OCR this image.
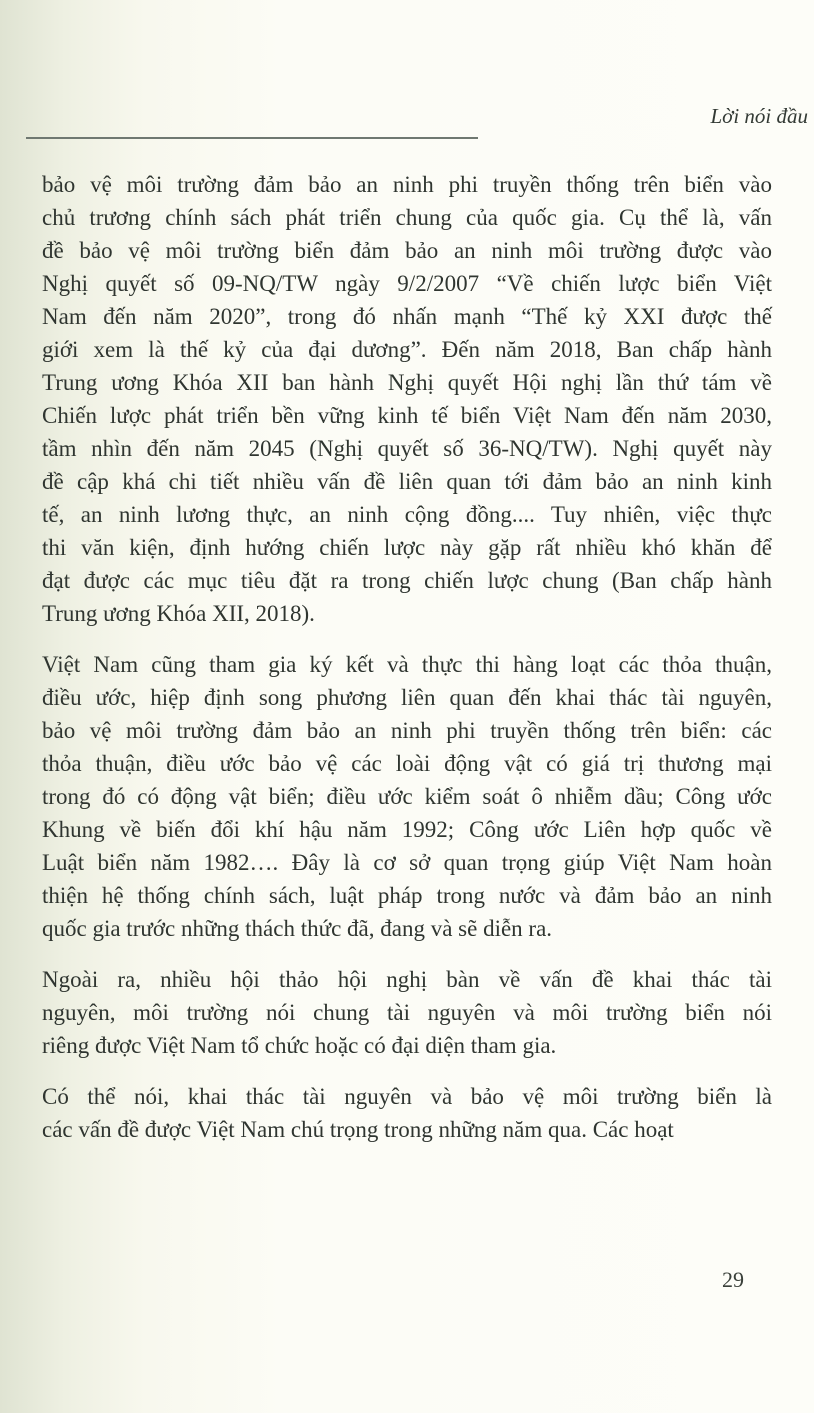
Lời nói đầu
bảo vệ môi trường đảm bảo an ninh phi truyền thống trên biển vào
chủ trương chính sách phát triển chung của quốc gia. Cụ thể là, vấn
đề bảo vệ môi trường biển đảm bảo an ninh môi trường được vào
Nghị quyết số 09-NQ/TW ngày 9/2/2007 “Về chiến lược biển Việt
Nam đến năm 2020”, trong đó nhấn mạnh “Thế kỷ XXI được thế
giới xem là thế kỷ của đại dương”. Đến năm 2018, Ban chấp hành
Trung ương Khóa XII ban hành Nghị quyết Hội nghị lần thứ tám về
Chiến lược phát triển bền vững kinh tế biển Việt Nam đến năm 2030,
tầm nhìn đến năm 2045 (Nghị quyết số 36-NQ/TW). Nghị quyết này
đề cập khá chi tiết nhiều vấn đề liên quan tới đảm bảo an ninh kinh
tế, an ninh lương thực, an ninh cộng đồng.... Tuy nhiên, việc thực
thi văn kiện, định hướng chiến lược này gặp rất nhiều khó khăn để
đạt được các mục tiêu đặt ra trong chiến lược chung (Ban chấp hành
Trung ương Khóa XII, 2018).
Việt Nam cũng tham gia ký kết và thực thi hàng loạt các thỏa thuận,
điều ước, hiệp định song phương liên quan đến khai thác tài nguyên,
bảo vệ môi trường đảm bảo an ninh phi truyền thống trên biển: các
thỏa thuận, điều ước bảo vệ các loài động vật có giá trị thương mại
trong đó có động vật biển; điều ước kiểm soát ô nhiễm dầu; Công ước
Khung về biến đổi khí hậu năm 1992; Công ước Liên hợp quốc về
Luật biển năm 1982…. Đây là cơ sở quan trọng giúp Việt Nam hoàn
thiện hệ thống chính sách, luật pháp trong nước và đảm bảo an ninh
quốc gia trước những thách thức đã, đang và sẽ diễn ra.
Ngoài ra, nhiều hội thảo hội nghị bàn về vấn đề khai thác tài
nguyên, môi trường nói chung tài nguyên và môi trường biển nói
riêng được Việt Nam tổ chức hoặc có đại diện tham gia.
Có thể nói, khai thác tài nguyên và bảo vệ môi trường biển là
các vấn đề được Việt Nam chú trọng trong những năm qua. Các hoạt
29
